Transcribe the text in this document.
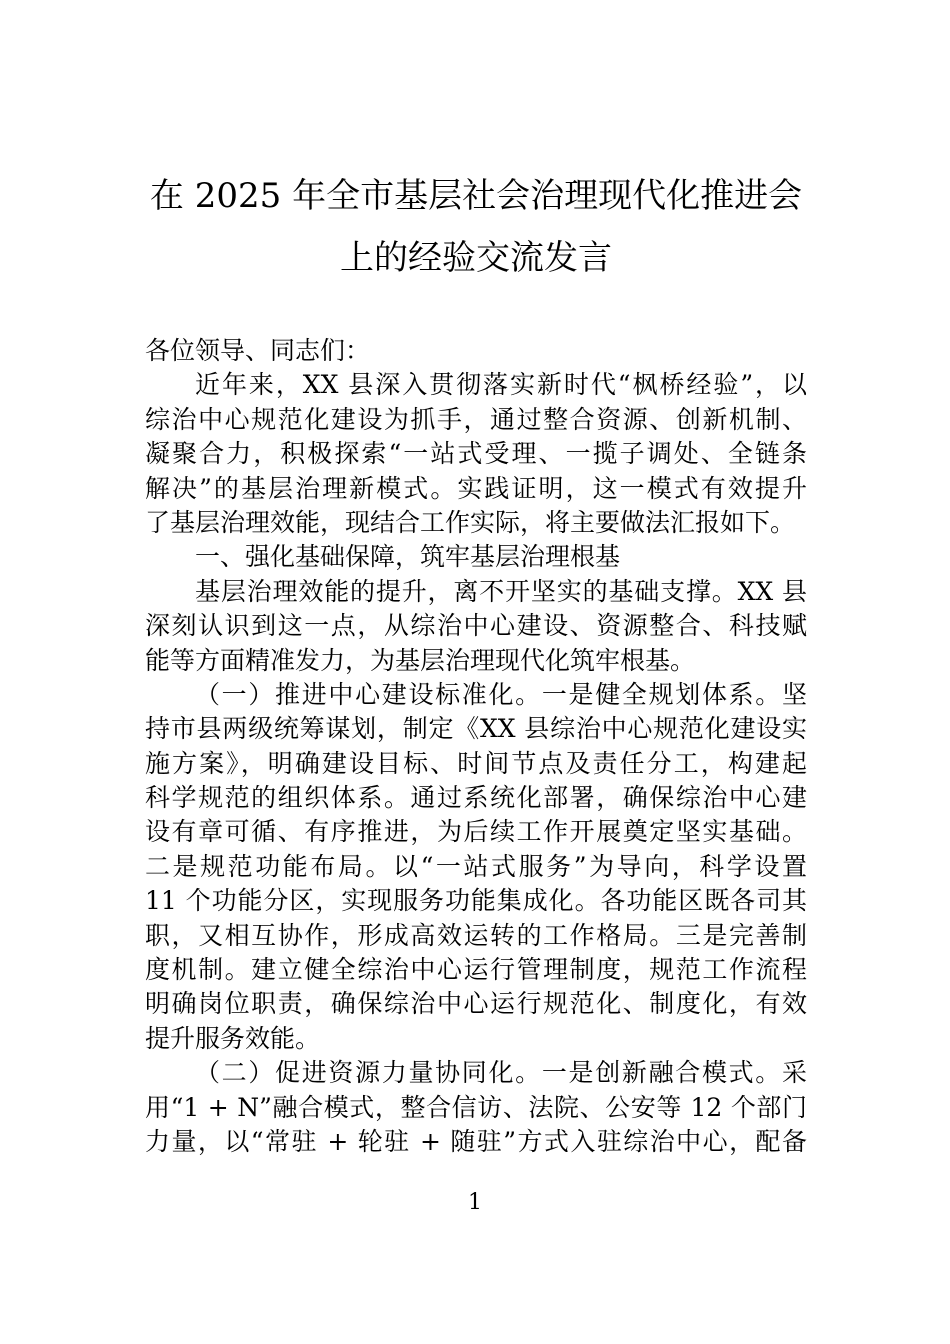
在 2025 年全市基层社会治理现代化推进会
上的经验交流发言
各位领导、同志们：
近年来，XX 县深入贯彻落实新时代“枫桥经验”，以
综治中心规范化建设为抓手，通过整合资源、创新机制、
凝聚合力，积极探索“一站式受理、一揽子调处、全链条
解决”的基层治理新模式。实践证明，这一模式有效提升
了基层治理效能，现结合工作实际，将主要做法汇报如下。
一、强化基础保障，筑牢基层治理根基
基层治理效能的提升，离不开坚实的基础支撑。XX 县
深刻认识到这一点，从综治中心建设、资源整合、科技赋
能等方面精准发力，为基层治理现代化筑牢根基。
（一）推进中心建设标准化。一是健全规划体系。坚
持市县两级统筹谋划，制定《XX 县综治中心规范化建设实
施方案》，明确建设目标、时间节点及责任分工，构建起
科学规范的组织体系。通过系统化部署，确保综治中心建
设有章可循、有序推进，为后续工作开展奠定坚实基础。
二是规范功能布局。以“一站式服务”为导向，科学设置
11 个功能分区，实现服务功能集成化。各功能区既各司其
职，又相互协作，形成高效运转的工作格局。三是完善制
度机制。建立健全综治中心运行管理制度，规范工作流程
明确岗位职责，确保综治中心运行规范化、制度化，有效
提升服务效能。
（二）促进资源力量协同化。一是创新融合模式。采
用“1 + N”融合模式，整合信访、法院、公安等 12 个部门
力量，以“常驻 + 轮驻 + 随驻”方式入驻综治中心，配备
1
